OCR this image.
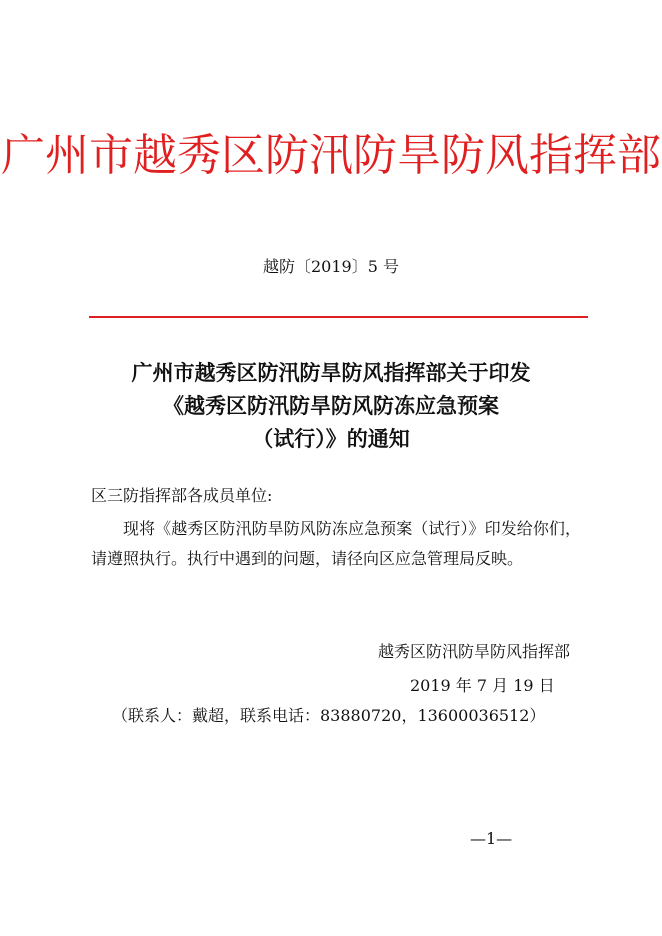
广州市越秀区防汛防旱防风指挥部
越防〔2019〕5 号
广州市越秀区防汛防旱防风指挥部关于印发
《越秀区防汛防旱防风防冻应急预案
（试行）》的通知
区三防指挥部各成员单位:
现将《越秀区防汛防旱防风防冻应急预案（试行）》印发给你们，请遵照执行。执行中遇到的问题，请径向区应急管理局反映。
越秀区防汛防旱防风指挥部
2019 年 7 月 19 日
（联系人：戴超，联系电话：83880720，13600036512）
—1—
